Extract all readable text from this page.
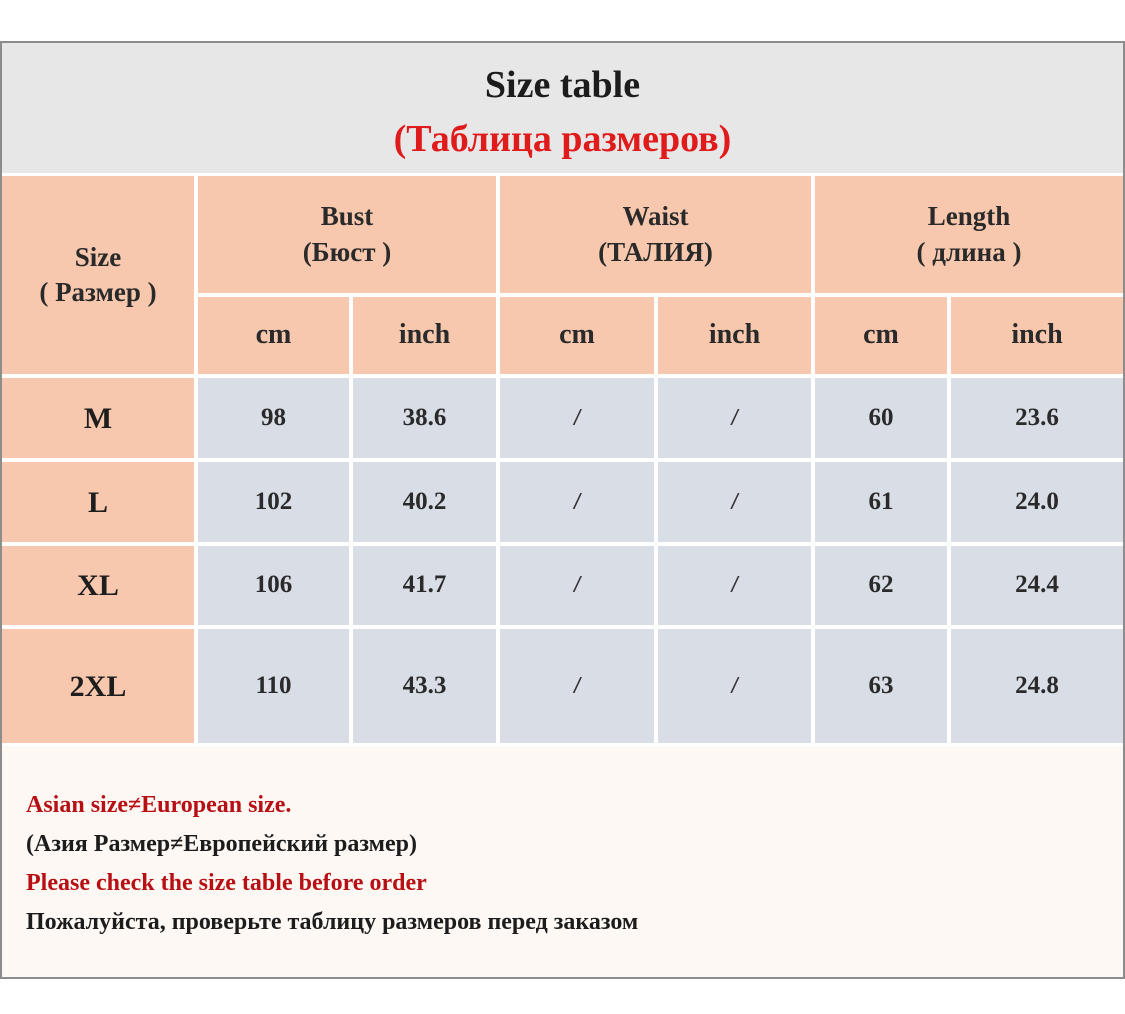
Size table
(Таблица размеров)
Size
( Размер )
Bust
(Бюст )
Waist
(ТАЛИЯ)
Length
( длина )
cm	inch	cm	inch	cm	inch
M	98	38.6	/	/	60	23.6
L	102	40.2	/	/	61	24.0
XL	106	41.7	/	/	62	24.4
2XL	110	43.3	/	/	63	24.8
Asian size≠European size.
(Азия Размер≠Европейский размер)
Please check the size table before order
Пожалуйста, проверьте таблицу размеров перед заказом
